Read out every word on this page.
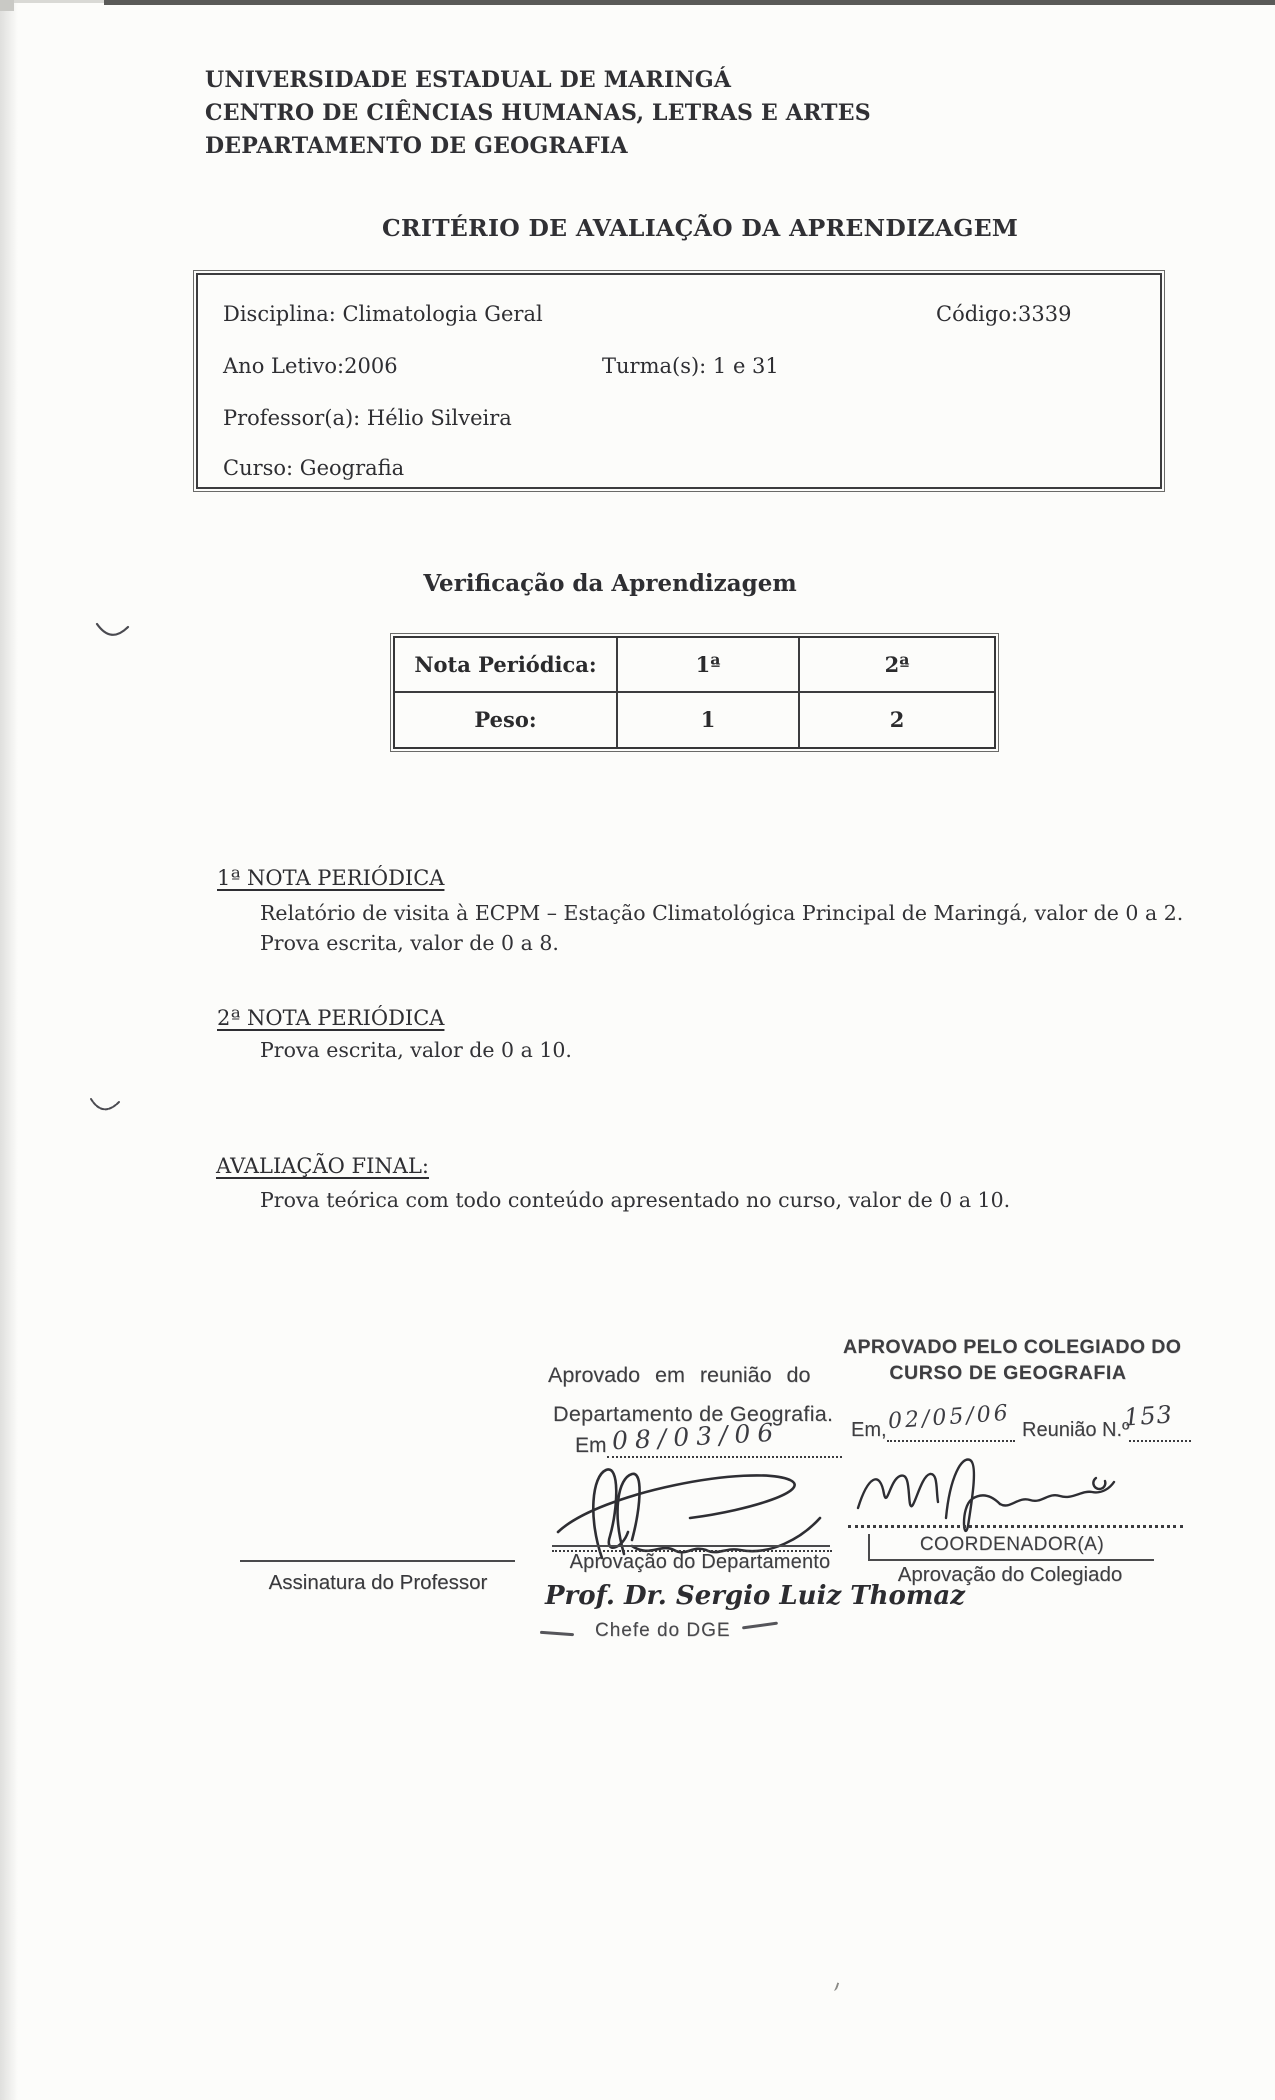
UNIVERSIDADE ESTADUAL DE MARINGÁ
CENTRO DE CIÊNCIAS HUMANAS, LETRAS E ARTES
DEPARTAMENTO DE GEOGRAFIA
CRITÉRIO DE AVALIAÇÃO DA APRENDIZAGEM
Disciplina: Climatologia Geral	Código:3339
Ano Letivo:2006	Turma(s): 1 e 31
Professor(a): Hélio Silveira
Curso: Geografia
Verificação da Aprendizagem
Nota Periódica:	1ª	2ª
Peso:	1	2
1ª NOTA PERIÓDICA
Relatório de visita à ECPM – Estação Climatológica Principal de Maringá, valor de 0 a 2.
Prova escrita, valor de 0 a 8.
2ª NOTA PERIÓDICA
Prova escrita, valor de 0 a 10.
AVALIAÇÃO FINAL:
Prova teórica com todo conteúdo apresentado no curso, valor de 0 a 10.
Assinatura do Professor
Aprovado em reunião do
Departamento de Geografia.
Em 08/03/06
Aprovação do Departamento
Prof. Dr. Sergio Luiz Thomaz
Chefe do DGE
APROVADO PELO COLEGIADO DO
CURSO DE GEOGRAFIA
Em, 02/05/06 Reunião N.º
153
COORDENADOR(A)
Aprovação do Colegiado
